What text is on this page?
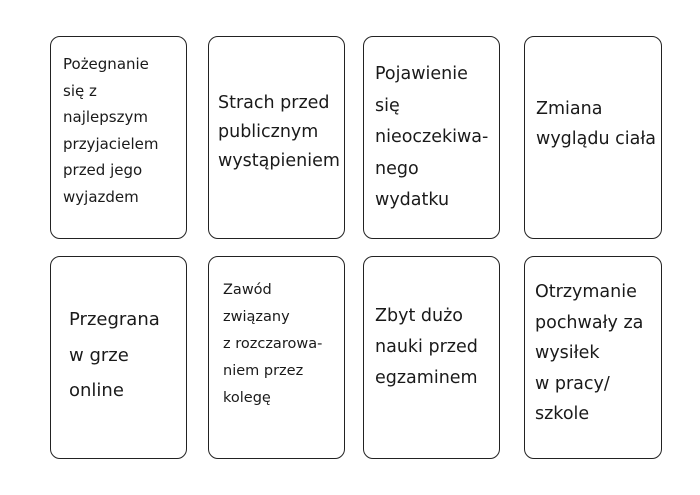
Pożegnanie
się z
najlepszym
przyjacielem
przed jego
wyjazdem
Strach przed
publicznym
wystąpieniem
Pojawienie
się
nieoczekiwa-
nego
wydatku
Zmiana
wyglądu ciała
Przegrana
w grze
online
Zawód
związany
z rozczarowa-
niem przez
kolegę
Zbyt dużo
nauki przed
egzaminem
Otrzymanie
pochwały za
wysiłek
w pracy/
szkole
